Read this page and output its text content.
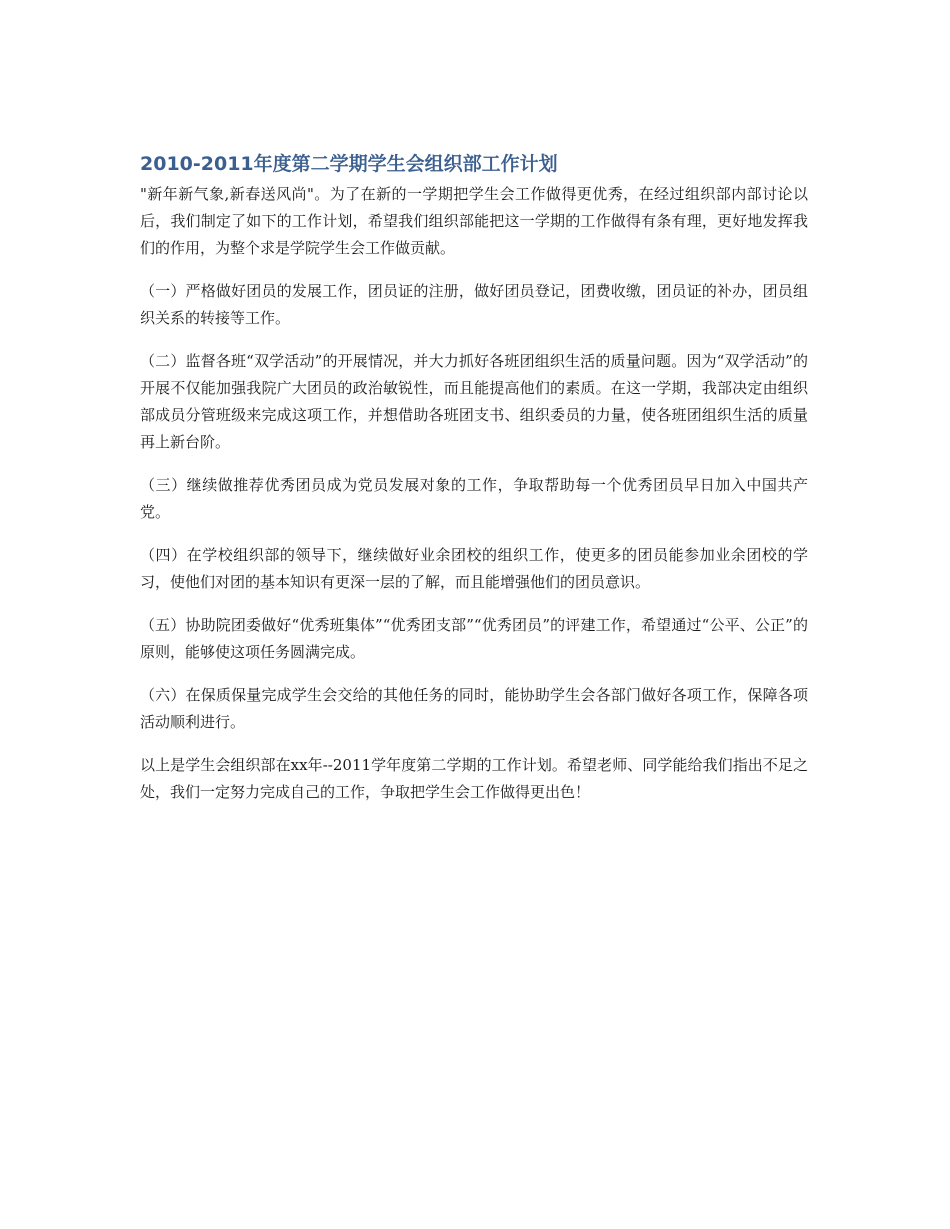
2010-2011年度第二学期学生会组织部工作计划

"新年新气象,新春送风尚"。为了在新的一学期把学生会工作做得更优秀，在经过组织部内部讨论以后，我们制定了如下的工作计划，希望我们组织部能把这一学期的工作做得有条有理，更好地发挥我们的作用，为整个求是学院学生会工作做贡献。

（一）严格做好团员的发展工作，团员证的注册，做好团员登记，团费收缴，团员证的补办，团员组织关系的转接等工作。

（二）监督各班“双学活动”的开展情况，并大力抓好各班团组织生活的质量问题。因为“双学活动”的开展不仅能加强我院广大团员的政治敏锐性，而且能提高他们的素质。在这一学期，我部决定由组织部成员分管班级来完成这项工作，并想借助各班团支书、组织委员的力量，使各班团组织生活的质量再上新台阶。

（三）继续做推荐优秀团员成为党员发展对象的工作，争取帮助每一个优秀团员早日加入中国共产党。

（四）在学校组织部的领导下，继续做好业余团校的组织工作，使更多的团员能参加业余团校的学习，使他们对团的基本知识有更深一层的了解，而且能增强他们的团员意识。

（五）协助院团委做好“优秀班集体”“优秀团支部”“优秀团员”的评建工作，希望通过“公平、公正”的原则，能够使这项任务圆满完成。

（六）在保质保量完成学生会交给的其他任务的同时，能协助学生会各部门做好各项工作，保障各项活动顺利进行。

以上是学生会组织部在xx年--2011学年度第二学期的工作计划。希望老师、同学能给我们指出不足之处，我们一定努力完成自己的工作，争取把学生会工作做得更出色！
